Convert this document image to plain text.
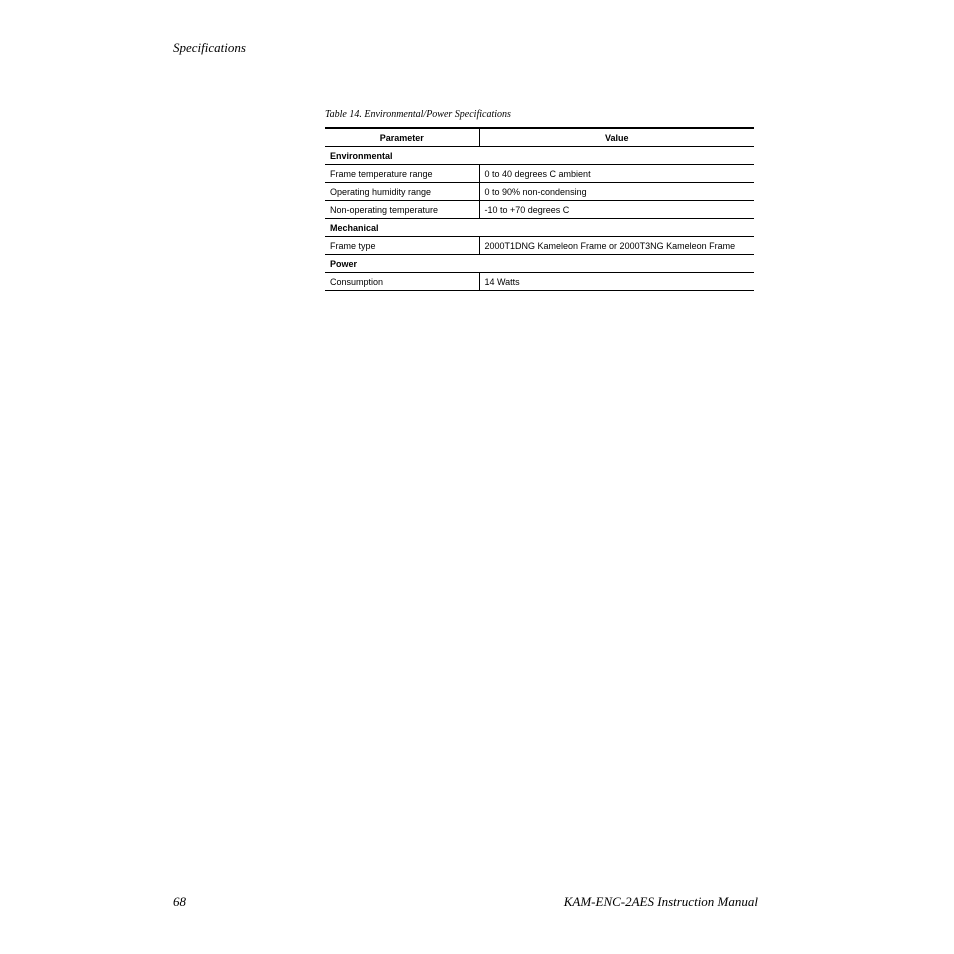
Specifications
Table 14. Environmental/Power Specifications
Parameter	Value
Environmental	
Frame temperature range	0 to 40 degrees C ambient
Operating humidity range	0 to 90% non-condensing
Non-operating temperature	-10 to +70 degrees C
Mechanical	
Frame type	2000T1DNG Kameleon Frame or 2000T3NG Kameleon Frame
Power	
Consumption	14 Watts
68	KAM-ENC-2AES Instruction Manual
